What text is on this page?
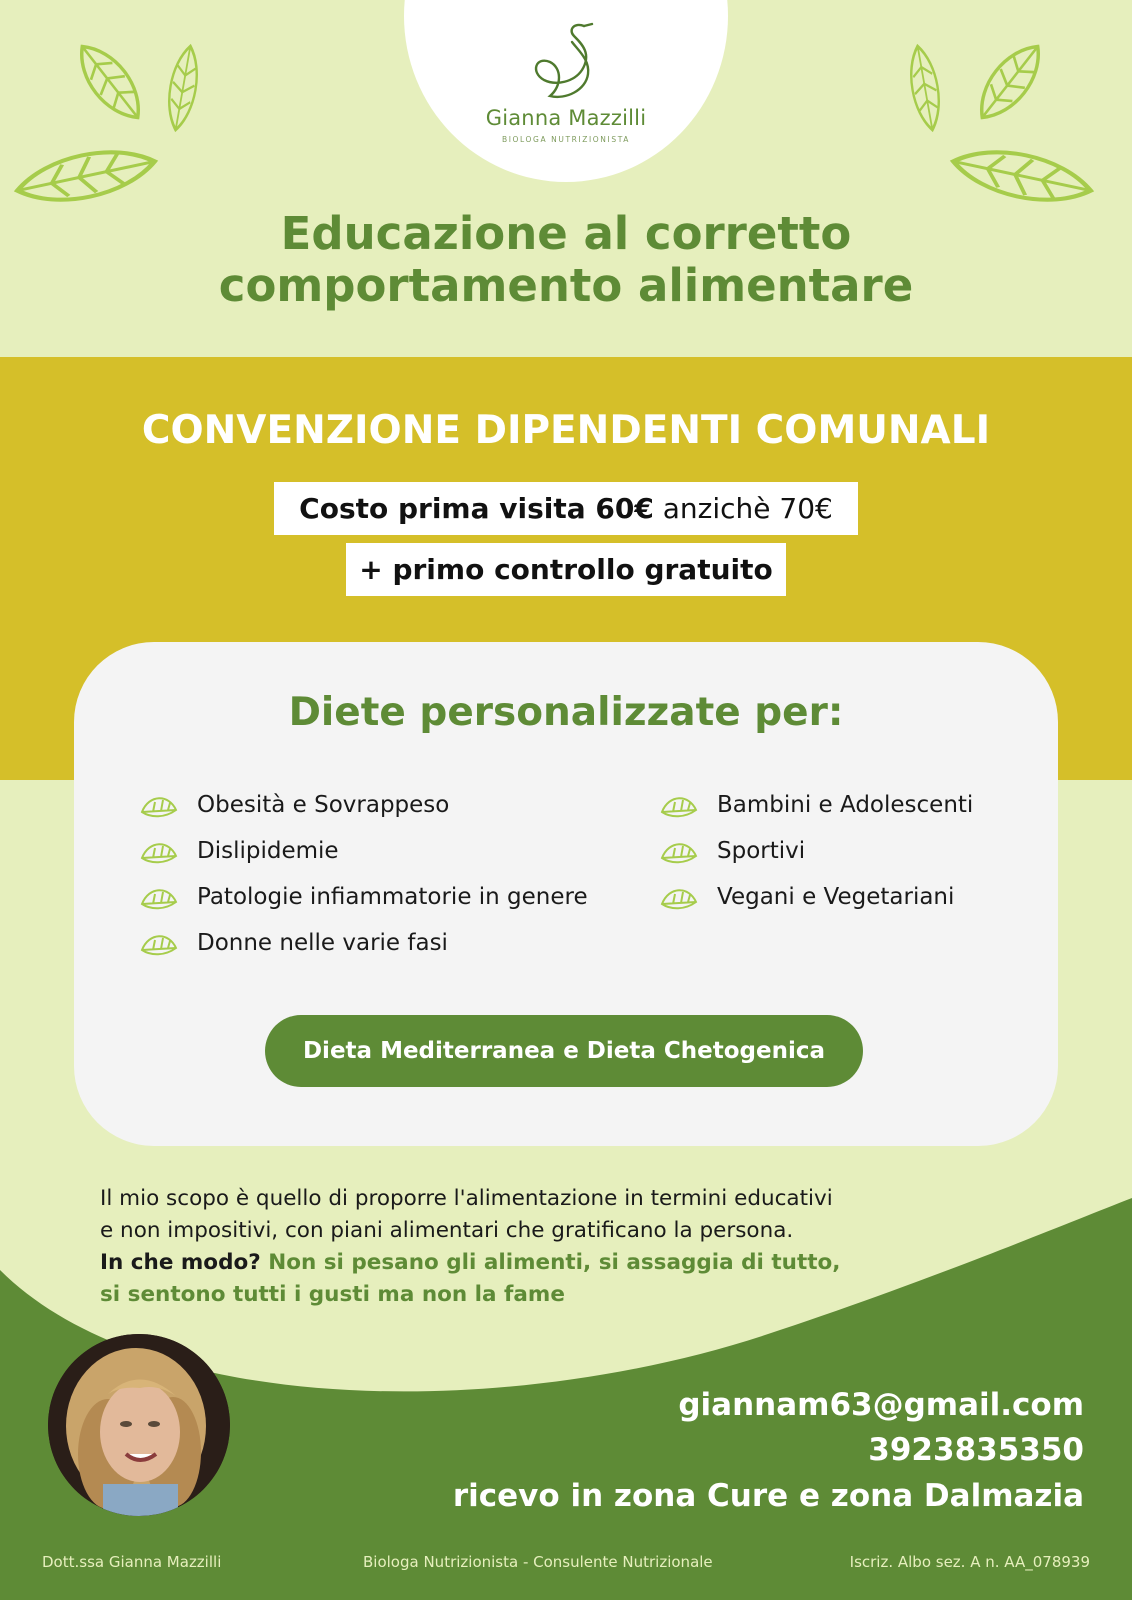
Gianna Mazzilli
BIOLOGA NUTRIZIONISTA
Educazione al corretto
comportamento alimentare
CONVENZIONE DIPENDENTI COMUNALI
Costo prima visita 60€ anzichè 70€
+ primo controllo gratuito
Diete personalizzate per:
Obesità e Sovrappeso
Dislipidemie
Patologie infiammatorie in genere
Donne nelle varie fasi
Bambini e Adolescenti
Sportivi
Vegani e Vegetariani
Dieta Mediterranea e Dieta Chetogenica

Il mio scopo è quello di proporre l'alimentazione in termini educativi
e non impositivi, con piani alimentari che gratificano la persona.
In che modo? Non si pesano gli alimenti, si assaggia di tutto,
si sentono tutti i gusti ma non la fame

giannam63@gmail.com
3923835350
ricevo in zona Cure e zona Dalmazia
Dott.ssa Gianna Mazzilli	Biologa Nutrizionista - Consulente Nutrizionale	Iscriz. Albo sez. A n. AA_078939
